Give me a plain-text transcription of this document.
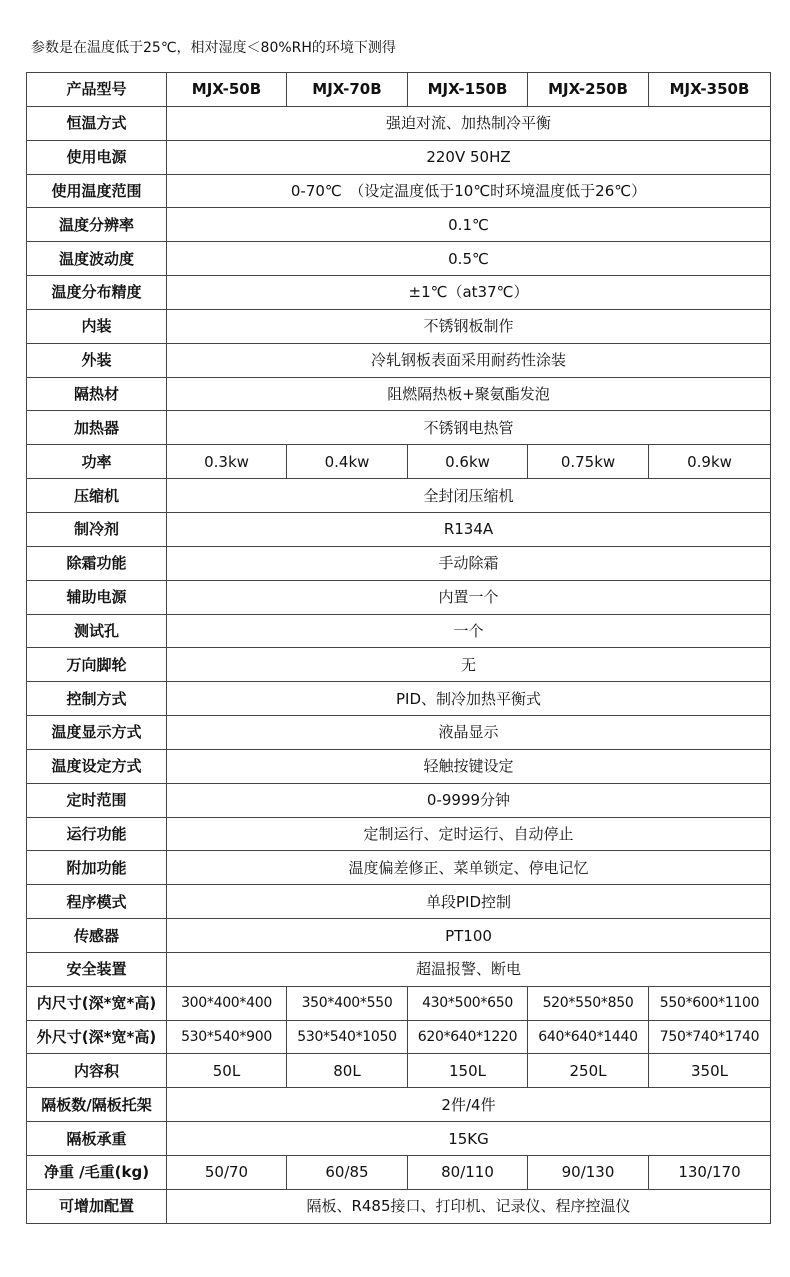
参数是在温度低于25℃，相对湿度＜80%RH的环境下测得
产品型号	MJX-50B	MJX-70B	MJX-150B	MJX-250B	MJX-350B
恒温方式	强迫对流、加热制冷平衡				
使用电源	220V 50HZ				
使用温度范围	0-70℃　（设定温度低于10℃时环境温度低于26℃）				
温度分辨率	0.1℃				
温度波动度	0.5℃				
温度分布精度	±1℃（at37℃）				
内装	不锈钢板制作				
外装	冷轧钢板表面采用耐药性涂装				
隔热材	阻燃隔热板+聚氨酯发泡				
加热器	不锈钢电热管				
功率	0.3kw	0.4kw	0.6kw	0.75kw	0.9kw
压缩机	全封闭压缩机				
制冷剂	R134A				
除霜功能	手动除霜				
辅助电源	内置一个				
测试孔	一个				
万向脚轮	无				
控制方式	PID、制冷加热平衡式				
温度显示方式	液晶显示				
温度设定方式	轻触按键设定				
定时范围	0-9999分钟				
运行功能	定制运行、定时运行、自动停止				
附加功能	温度偏差修正、菜单锁定、停电记忆				
程序模式	单段PID控制				
传感器	PT100				
安全装置	超温报警、断电				
内尺寸(深*宽*高)	300*400*400	350*400*550	430*500*650	520*550*850	550*600*1100
外尺寸(深*宽*高)	530*540*900	530*540*1050	620*640*1220	640*640*1440	750*740*1740
内容积	50L	80L	150L	250L	350L
隔板数/隔板托架	2件/4件				
隔板承重	15KG				
净重 /毛重(kg)	50/70	60/85	80/110	90/130	130/170
可增加配置	隔板、R485接口、打印机、记录仪、程序控温仪				
